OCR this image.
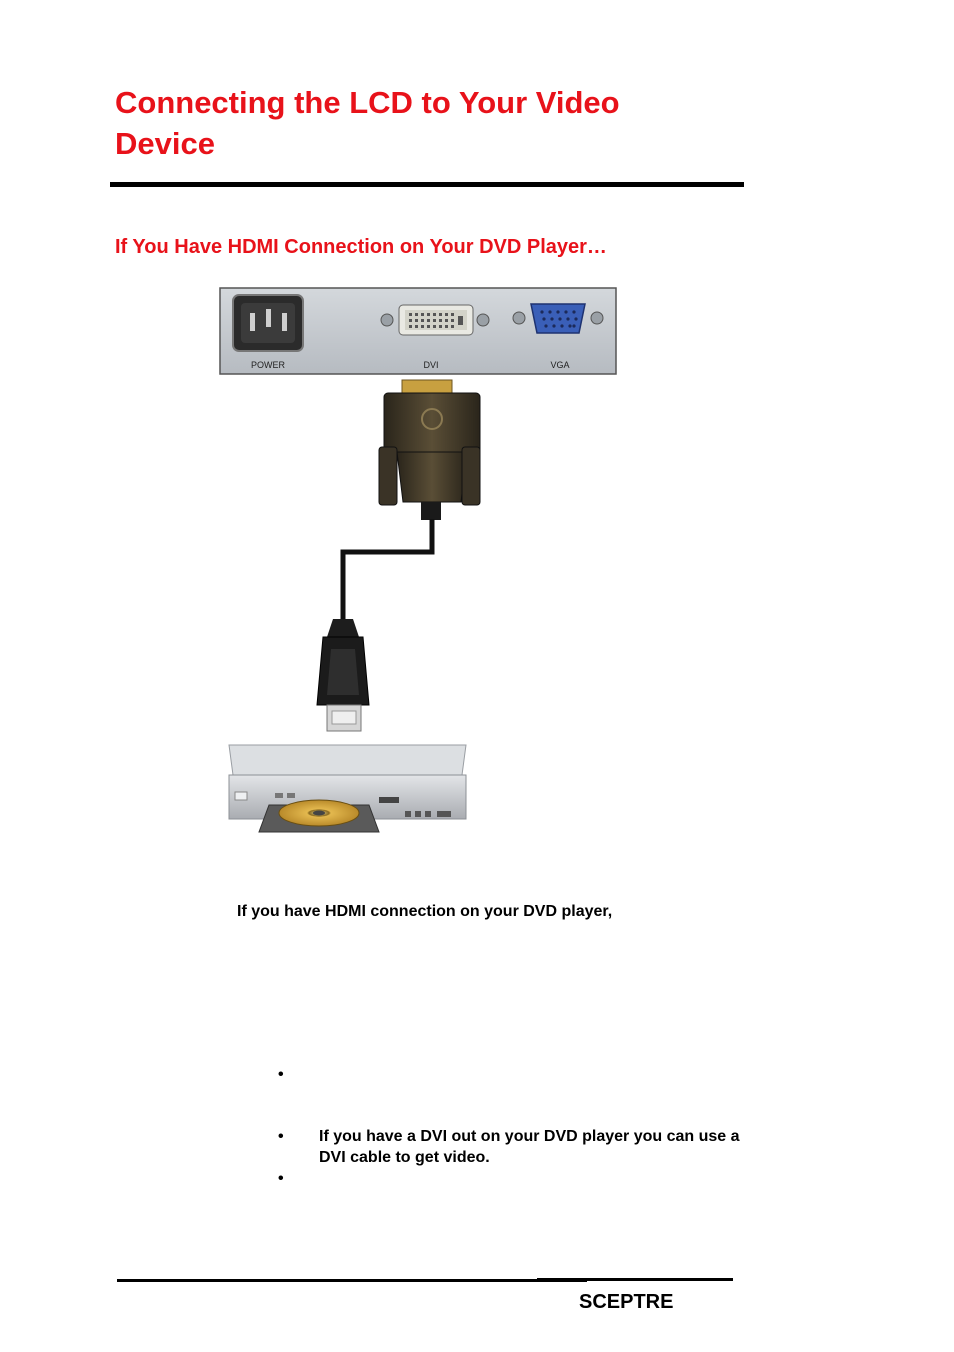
Connecting the LCD to Your Video Device
If You Have HDMI Connection on Your DVD Player…
POWER	DVI	VGA
If you have HDMI connection on your DVD player,
•
• If you have a DVI out on your DVD player you can use a DVI cable to get video.
•
SCEPTRE
